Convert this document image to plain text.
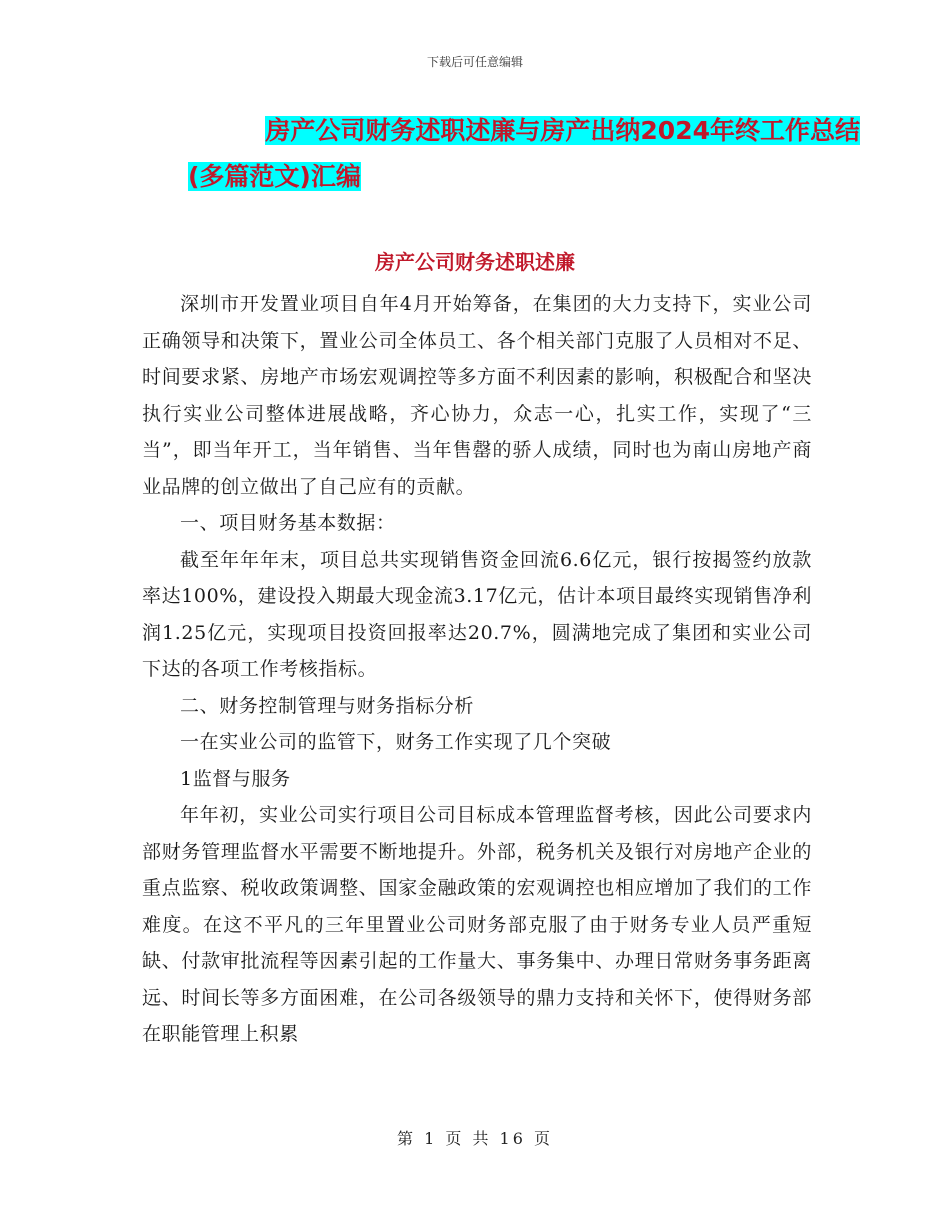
下载后可任意编辑
房产公司财务述职述廉与房产出纳2024年终工作总结
(多篇范文)汇编
房产公司财务述职述廉

深圳市开发置业项目自年4月开始筹备，在集团的大力支持下，实业公司正确领导和决策下，置业公司全体员工、各个相关部门克服了人员相对不足、时间要求紧、房地产市场宏观调控等多方面不利因素的影响，积极配合和坚决执行实业公司整体进展战略，齐心协力，众志一心，扎实工作，实现了“三当”，即当年开工，当年销售、当年售罄的骄人成绩，同时也为南山房地产商业品牌的创立做出了自己应有的贡献。

一、项目财务基本数据：

截至年年年末，项目总共实现销售资金回流6.6亿元，银行按揭签约放款率达100%，建设投入期最大现金流3.17亿元，估计本项目最终实现销售净利润1.25亿元，实现项目投资回报率达20.7%，圆满地完成了集团和实业公司下达的各项工作考核指标。

二、财务控制管理与财务指标分析

一在实业公司的监管下，财务工作实现了几个突破

1监督与服务

年年初，实业公司实行项目公司目标成本管理监督考核，因此公司要求内部财务管理监督水平需要不断地提升。外部，税务机关及银行对房地产企业的重点监察、税收政策调整、国家金融政策的宏观调控也相应增加了我们的工作难度。在这不平凡的三年里置业公司财务部克服了由于财务专业人员严重短缺、付款审批流程等因素引起的工作量大、事务集中、办理日常财务事务距离远、时间长等多方面困难，在公司各级领导的鼎力支持和关怀下，使得财务部在职能管理上积累

第 1 页 共 16 页
